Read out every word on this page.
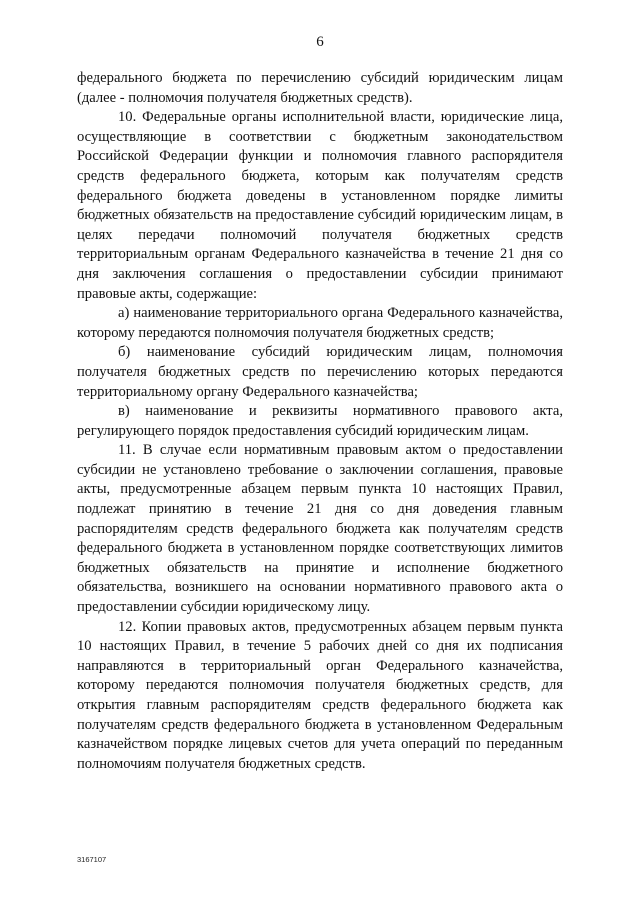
6

федерального бюджета по перечислению субсидий юридическим лицам (далее - полномочия получателя бюджетных средств).

10. Федеральные органы исполнительной власти, юридические лица, осуществляющие в соответствии с бюджетным законодательством Российской Федерации функции и полномочия главного распорядителя средств федерального бюджета, которым как получателям средств федерального бюджета доведены в установленном порядке лимиты бюджетных обязательств на предоставление субсидий юридическим лицам, в целях передачи полномочий получателя бюджетных средств территориальным органам Федерального казначейства в течение 21 дня со дня заключения соглашения о предоставлении субсидии принимают правовые акты, содержащие:

а) наименование территориального органа Федерального казначейства, которому передаются полномочия получателя бюджетных средств;

б) наименование субсидий юридическим лицам, полномочия получателя бюджетных средств по перечислению которых передаются территориальному органу Федерального казначейства;

в) наименование и реквизиты нормативного правового акта, регулирующего порядок предоставления субсидий юридическим лицам.

11. В случае если нормативным правовым актом о предоставлении субсидии не установлено требование о заключении соглашения, правовые акты, предусмотренные абзацем первым пункта 10 настоящих Правил, подлежат принятию в течение 21 дня со дня доведения главным распорядителям средств федерального бюджета как получателям средств федерального бюджета в установленном порядке соответствующих лимитов бюджетных обязательств на принятие и исполнение бюджетного обязательства, возникшего на основании нормативного правового акта о предоставлении субсидии юридическому лицу.

12. Копии правовых актов, предусмотренных абзацем первым пункта 10 настоящих Правил, в течение 5 рабочих дней со дня их подписания направляются в территориальный орган Федерального казначейства, которому передаются полномочия получателя бюджетных средств, для открытия главным распорядителям средств федерального бюджета как получателям средств федерального бюджета в установленном Федеральным казначейством порядке лицевых счетов для учета операций по переданным полномочиям получателя бюджетных средств.

3167107
